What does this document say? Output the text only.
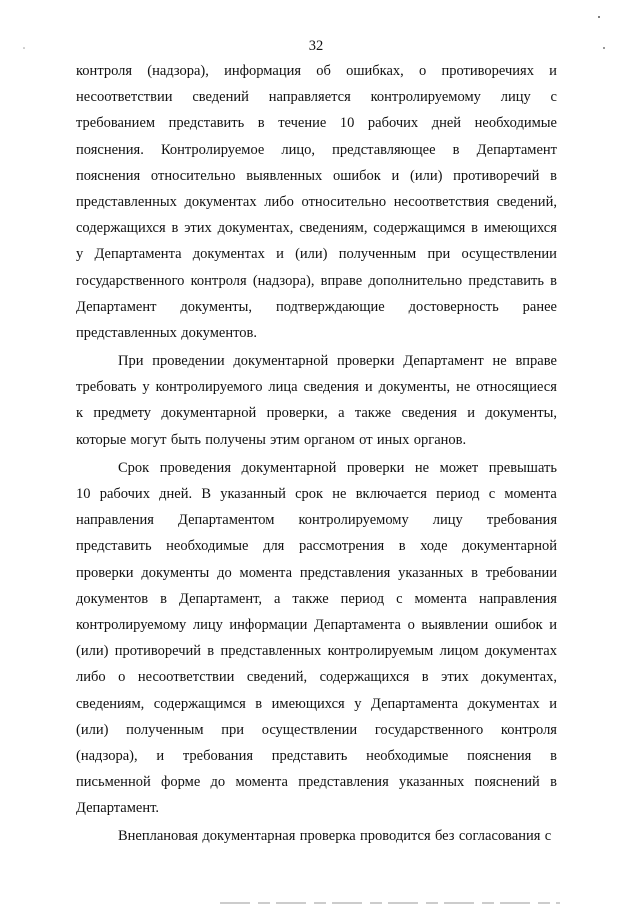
32
контроля (надзора), информация об ошибках, о противоречиях и
несоответствии сведений направляется контролируемому лицу с
требованием представить в течение 10 рабочих дней необходимые
пояснения. Контролируемое лицо, представляющее в Департамент
пояснения относительно выявленных ошибок и (или) противоречий в
представленных документах либо относительно несоответствия сведений,
содержащихся в этих документах, сведениям, содержащимся в имеющихся
у Департамента документах и (или) полученным при осуществлении
государственного контроля (надзора), вправе дополнительно представить в
Департамент документы, подтверждающие достоверность ранее
представленных документов.
При проведении документарной проверки Департамент не вправе
требовать у контролируемого лица сведения и документы, не относящиеся
к предмету документарной проверки, а также сведения и документы,
которые могут быть получены этим органом от иных органов.
Срок проведения документарной проверки не может превышать
10 рабочих дней. В указанный срок не включается период с момента
направления Департаментом контролируемому лицу требования
представить необходимые для рассмотрения в ходе документарной
проверки документы до момента представления указанных в требовании
документов в Департамент, а также период с момента направления
контролируемому лицу информации Департамента о выявлении ошибок и
(или) противоречий в представленных контролируемым лицом документах
либо о несоответствии сведений, содержащихся в этих документах,
сведениям, содержащимся в имеющихся у Департамента документах и
(или) полученным при осуществлении государственного контроля
(надзора), и требования представить необходимые пояснения в
письменной форме до момента представления указанных пояснений в
Департамент.
Внеплановая документарная проверка проводится без согласования с
